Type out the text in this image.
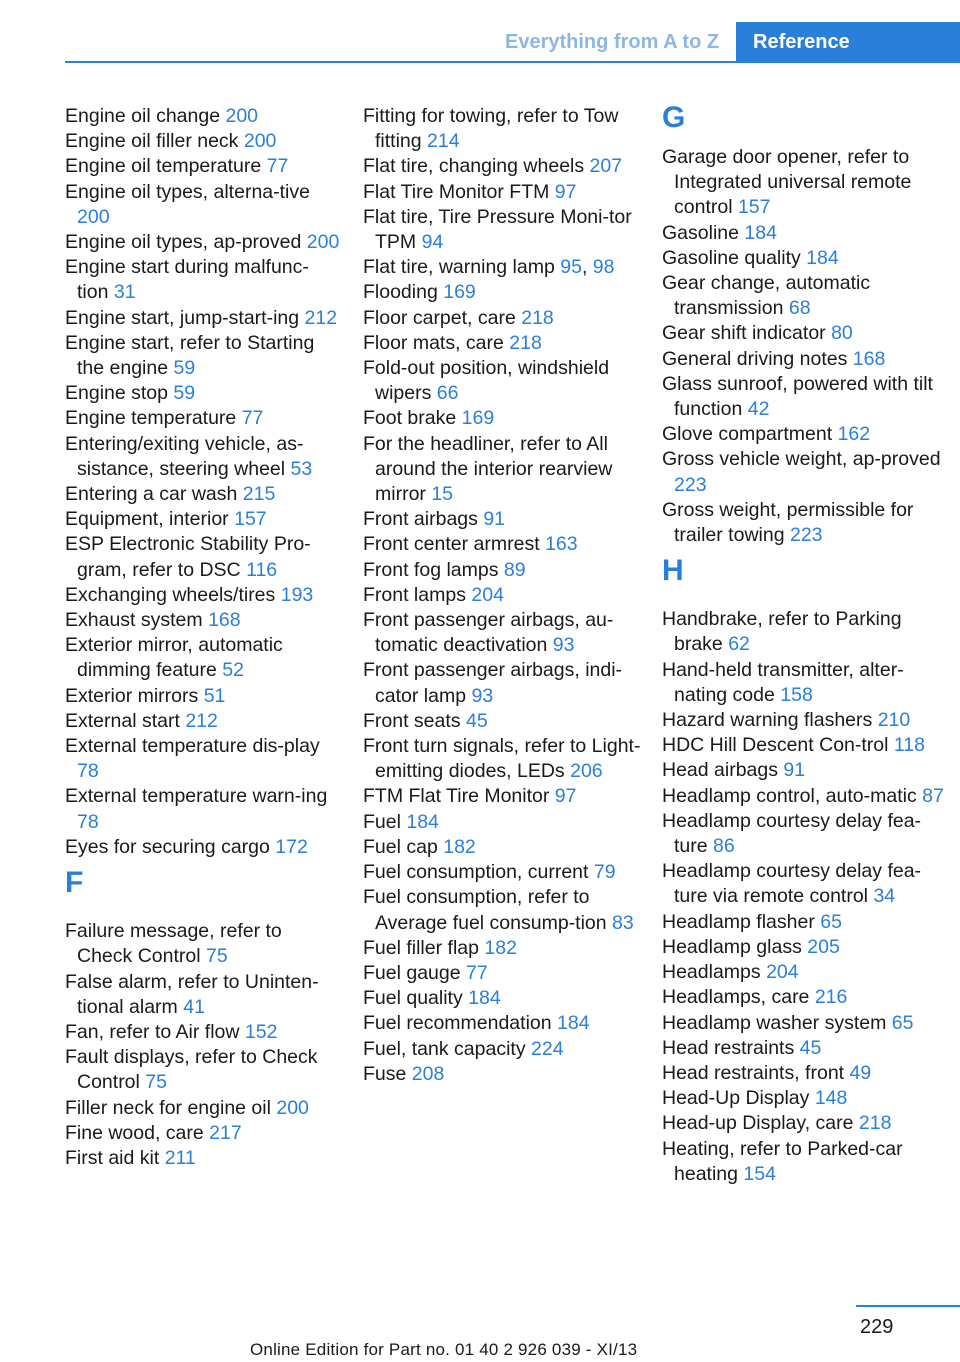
Everything from A to Z	Reference
Engine oil change 200
Engine oil filler neck 200
Engine oil temperature 77
Engine oil types, alterna-tive 200
Engine oil types, ap-proved 200
Engine start during malfunc-tion 31
Engine start, jump-start-ing 212
Engine start, refer to Starting the engine 59
Engine stop 59
Engine temperature 77
Entering/exiting vehicle, as-sistance, steering wheel 53
Entering a car wash 215
Equipment, interior 157
ESP Electronic Stability Pro-gram, refer to DSC 116
Exchanging wheels/tires 193
Exhaust system 168
Exterior mirror, automatic dimming feature 52
Exterior mirrors 51
External start 212
External temperature dis-play 78
External temperature warn-ing 78
Eyes for securing cargo 172
F
Failure message, refer to Check Control 75
False alarm, refer to Uninten-tional alarm 41
Fan, refer to Air flow 152
Fault displays, refer to Check Control 75
Filler neck for engine oil 200
Fine wood, care 217
First aid kit 211
Fitting for towing, refer to Tow fitting 214
Flat tire, changing wheels 207
Flat Tire Monitor FTM 97
Flat tire, Tire Pressure Moni-tor TPM 94
Flat tire, warning lamp 95, 98
Flooding 169
Floor carpet, care 218
Floor mats, care 218
Fold-out position, windshield wipers 66
Foot brake 169
For the headliner, refer to All around the interior rearview mirror 15
Front airbags 91
Front center armrest 163
Front fog lamps 89
Front lamps 204
Front passenger airbags, au-tomatic deactivation 93
Front passenger airbags, indi-cator lamp 93
Front seats 45
Front turn signals, refer to Light-emitting diodes, LEDs 206
FTM Flat Tire Monitor 97
Fuel 184
Fuel cap 182
Fuel consumption, current 79
Fuel consumption, refer to Average fuel consump-tion 83
Fuel filler flap 182
Fuel gauge 77
Fuel quality 184
Fuel recommendation 184
Fuel, tank capacity 224
Fuse 208
G
Garage door opener, refer to Integrated universal remote control 157
Gasoline 184
Gasoline quality 184
Gear change, automatic transmission 68
Gear shift indicator 80
General driving notes 168
Glass sunroof, powered with tilt function 42
Glove compartment 162
Gross vehicle weight, ap-proved 223
Gross weight, permissible for trailer towing 223
H
Handbrake, refer to Parking brake 62
Hand-held transmitter, alter-nating code 158
Hazard warning flashers 210
HDC Hill Descent Con-trol 118
Head airbags 91
Headlamp control, auto-matic 87
Headlamp courtesy delay fea-ture 86
Headlamp courtesy delay fea-ture via remote control 34
Headlamp flasher 65
Headlamp glass 205
Headlamps 204
Headlamps, care 216
Headlamp washer system 65
Head restraints 45
Head restraints, front 49
Head-Up Display 148
Head-up Display, care 218
Heating, refer to Parked-car heating 154
229
Online Edition for Part no. 01 40 2 926 039 - XI/13
